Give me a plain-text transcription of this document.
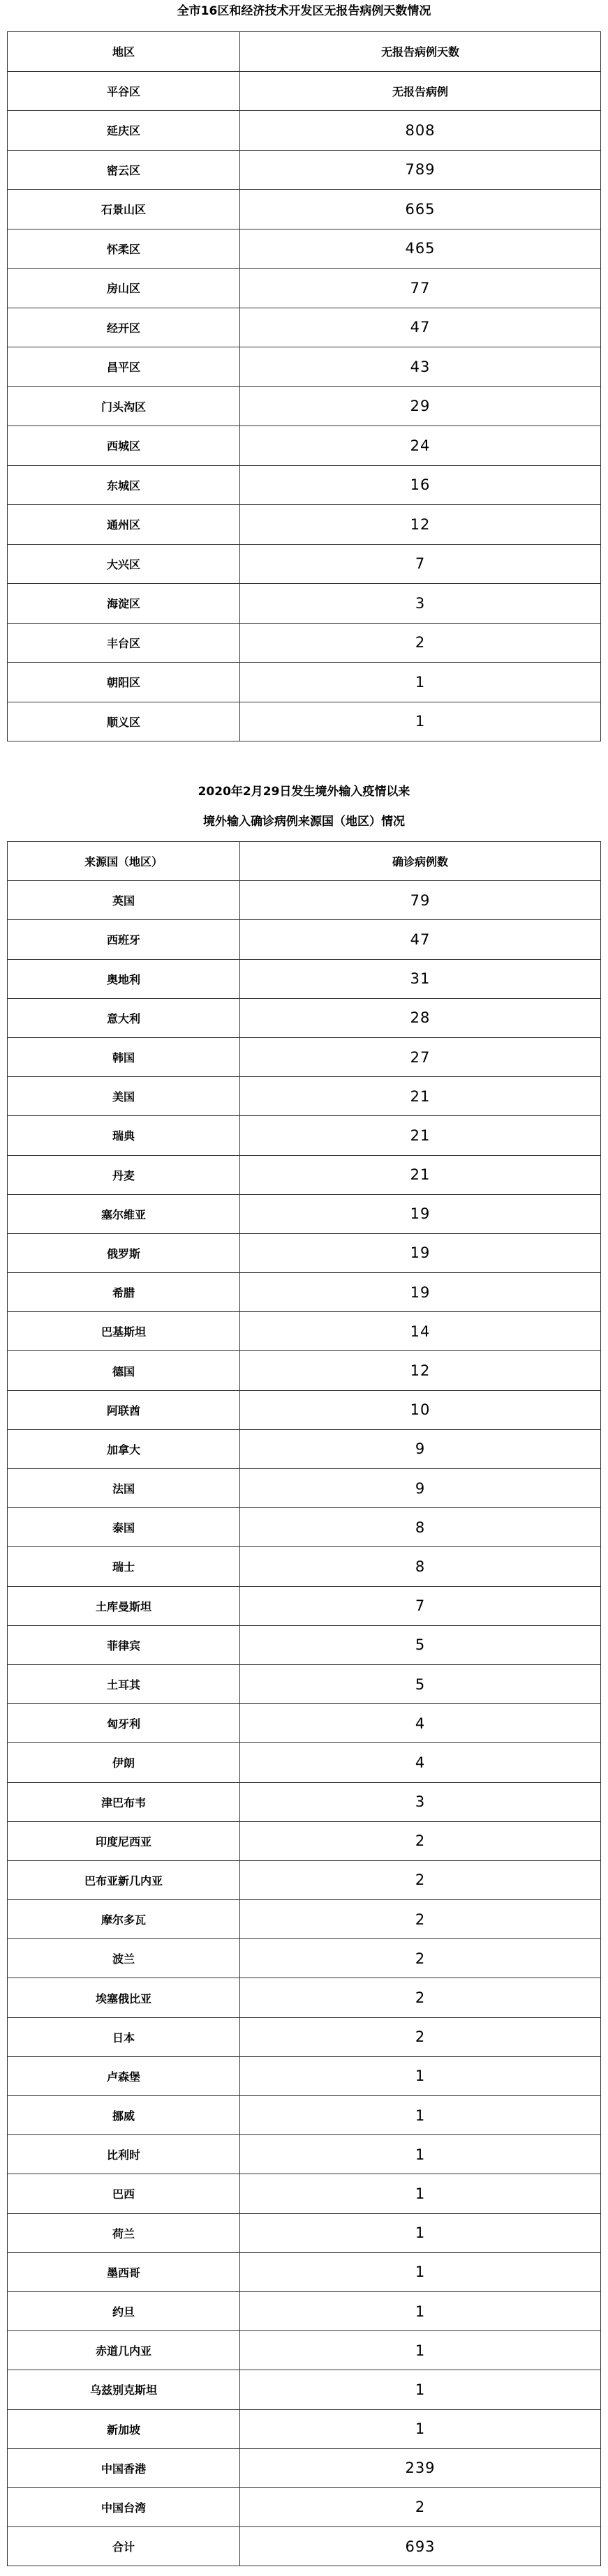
全市16区和经济技术开发区无报告病例天数情况
地区	无报告病例天数
平谷区	无报告病例
延庆区	808
密云区	789
石景山区	665
怀柔区	465
房山区	77
经开区	47
昌平区	43
门头沟区	29
西城区	24
东城区	16
通州区	12
大兴区	7
海淀区	3
丰台区	2
朝阳区	1
顺义区	1
2020年2月29日发生境外输入疫情以来
境外输入确诊病例来源国（地区）情况
来源国（地区）	确诊病例数
英国	79
西班牙	47
奥地利	31
意大利	28
韩国	27
美国	21
瑞典	21
丹麦	21
塞尔维亚	19
俄罗斯	19
希腊	19
巴基斯坦	14
德国	12
阿联酋	10
加拿大	9
法国	9
泰国	8
瑞士	8
土库曼斯坦	7
菲律宾	5
土耳其	5
匈牙利	4
伊朗	4
津巴布韦	3
印度尼西亚	2
巴布亚新几内亚	2
摩尔多瓦	2
波兰	2
埃塞俄比亚	2
日本	2
卢森堡	1
挪威	1
比利时	1
巴西	1
荷兰	1
墨西哥	1
约旦	1
赤道几内亚	1
乌兹别克斯坦	1
新加坡	1
中国香港	239
中国台湾	2
合计	693
